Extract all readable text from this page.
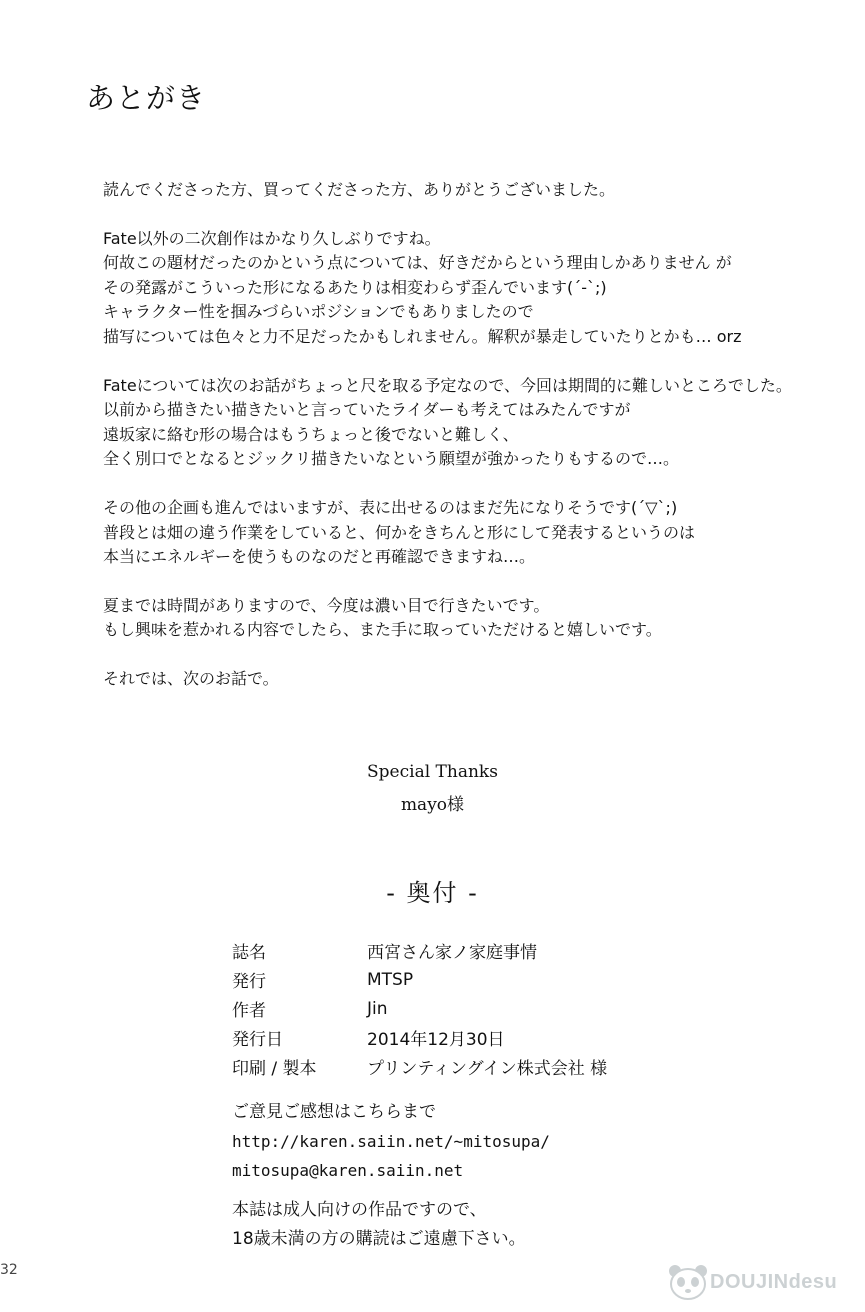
あとがき
読んでくださった方、買ってくださった方、ありがとうございました。
Fate以外の二次創作はかなり久しぶりですね。
何故この題材だったのかという点については、好きだからという理由しかありません が
その発露がこういった形になるあたりは相変わらず歪んでいます(´-`;)
キャラクター性を掴みづらいポジションでもありましたので
描写については色々と力不足だったかもしれません。解釈が暴走していたりとかも… orz
Fateについては次のお話がちょっと尺を取る予定なので、今回は期間的に難しいところでした。
以前から描きたい描きたいと言っていたライダーも考えてはみたんですが
遠坂家に絡む形の場合はもうちょっと後でないと難しく、
全く別口でとなるとジックリ描きたいなという願望が強かったりもするので…。
その他の企画も進んではいますが、表に出せるのはまだ先になりそうです(´▽`;)
普段とは畑の違う作業をしていると、何かをきちんと形にして発表するというのは
本当にエネルギーを使うものなのだと再確認できますね…。
夏までは時間がありますので、今度は濃い目で行きたいです。
もし興味を惹かれる内容でしたら、また手に取っていただけると嬉しいです。
それでは、次のお話で。
Special Thanks
mayo様
- 奥付 -
誌名	西宮さん家ノ家庭事情
発行	MTSP
作者	Jin
発行日	2014年12月30日
印刷 / 製本	プリンティングイン株式会社 様
ご意見ご感想はこちらまで
http://karen.saiin.net/~mitosupa/
mitosupa@karen.saiin.net
本誌は成人向けの作品ですので、
18歳未満の方の購読はご遠慮下さい。
32
DOUJINdesu
